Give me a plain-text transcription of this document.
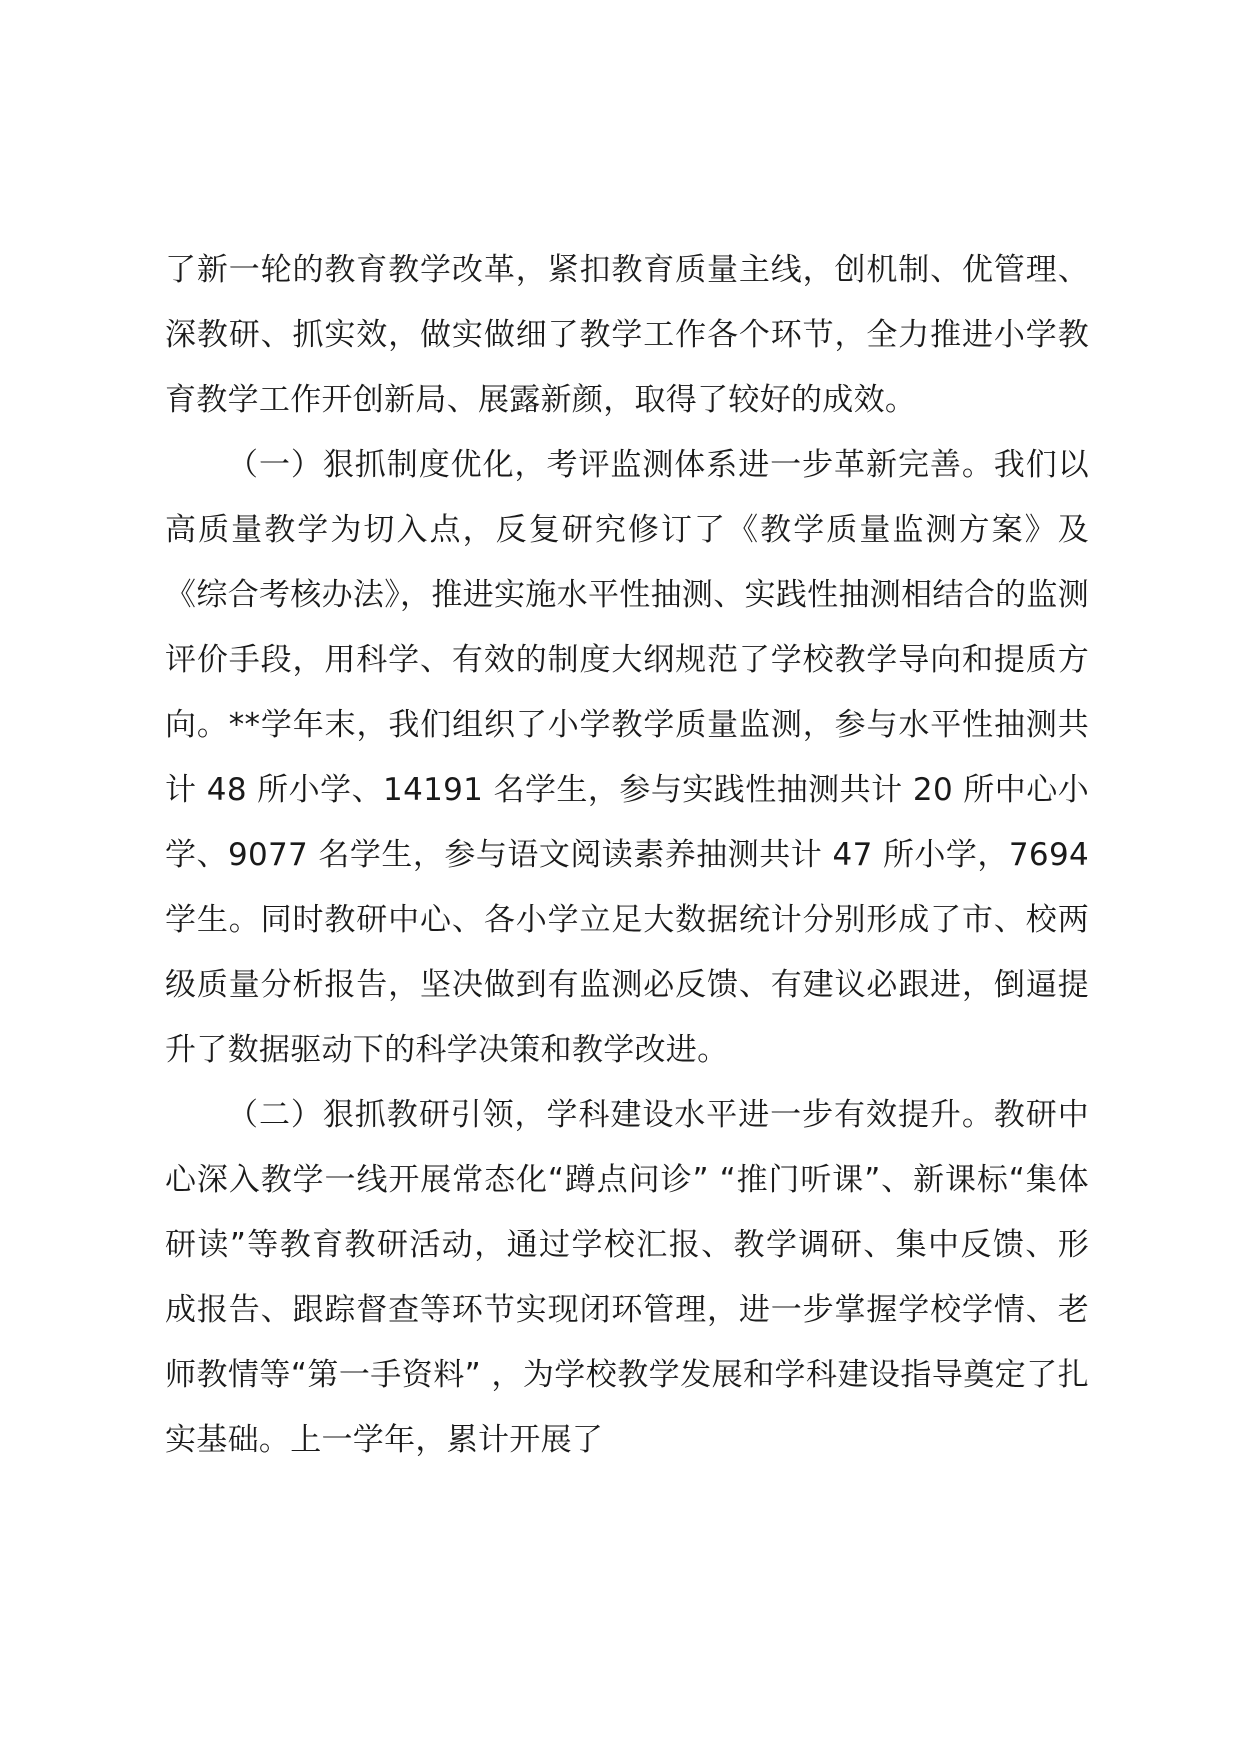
了新一轮的教育教学改革，紧扣教育质量主线，创机制、优管理、深教研、抓实效，做实做细了教学工作各个环节，全力推进小学教育教学工作开创新局、展露新颜，取得了较好的成效。

（一）狠抓制度优化，考评监测体系进一步革新完善。我们以高质量教学为切入点，反复研究修订了《教学质量监测方案》及《综合考核办法》，推进实施水平性抽测、实践性抽测相结合的监测评价手段，用科学、有效的制度大纲规范了学校教学导向和提质方向。**学年末，我们组织了小学教学质量监测，参与水平性抽测共计 48 所小学、14191 名学生，参与实践性抽测共计 20 所中心小学、9077 名学生，参与语文阅读素养抽测共计 47 所小学，7694 学生。同时教研中心、各小学立足大数据统计分别形成了市、校两级质量分析报告，坚决做到有监测必反馈、有建议必跟进，倒逼提升了数据驱动下的科学决策和教学改进。

（二）狠抓教研引领，学科建设水平进一步有效提升。教研中心深入教学一线开展常态化“蹲点问诊” “推门听课”、新课标“集体研读”等教育教研活动，通过学校汇报、教学调研、集中反馈、形成报告、跟踪督查等环节实现闭环管理，进一步掌握学校学情、老师教情等“第一手资料” ，为学校教学发展和学科建设指导奠定了扎实基础。上一学年，累计开展了
